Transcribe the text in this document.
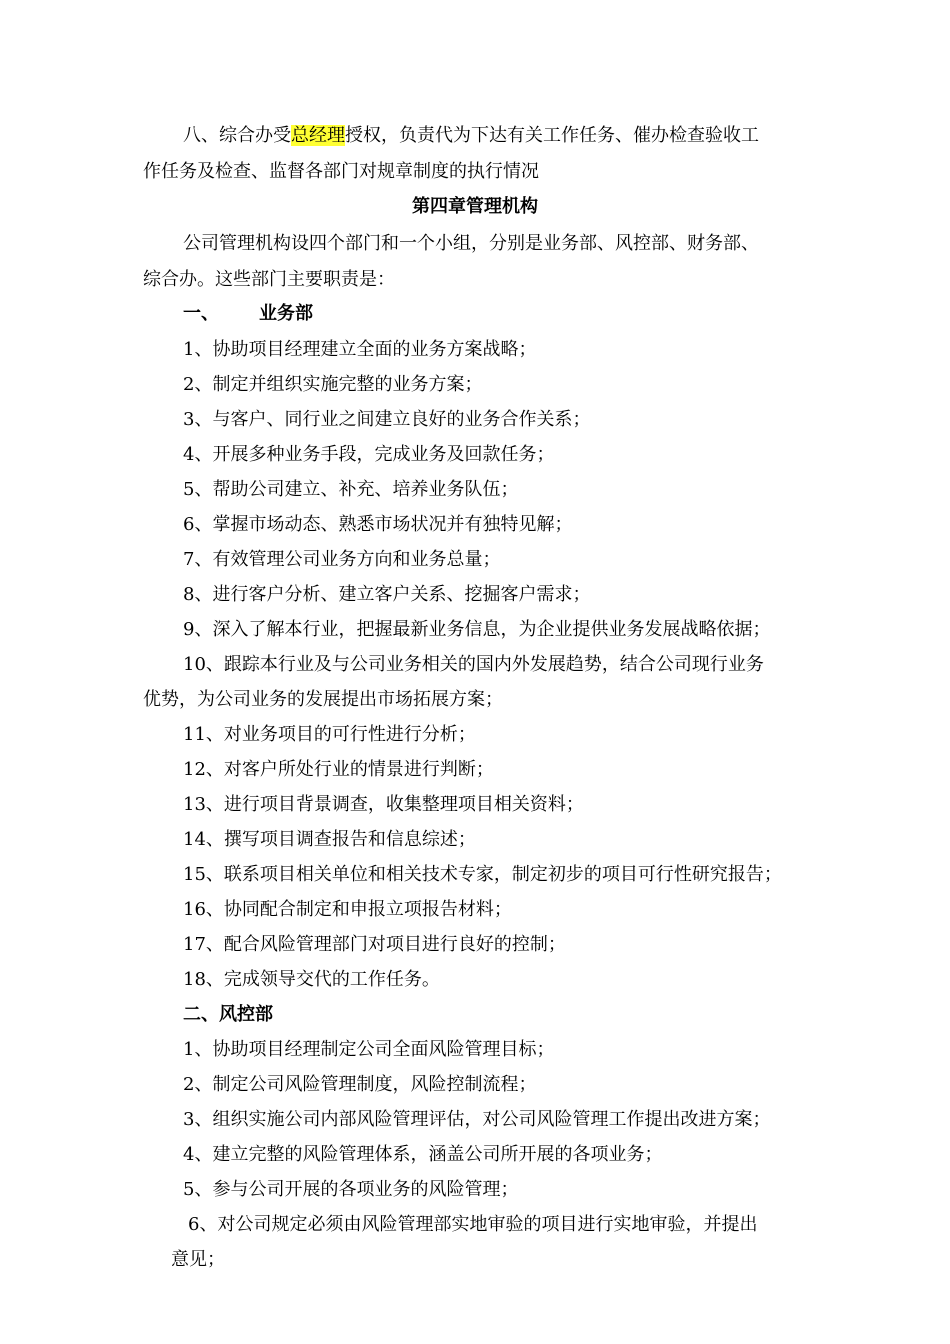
八、综合办受总经理授权，负责代为下达有关工作任务、催办检查验收工
作任务及检查、监督各部门对规章制度的执行情况
第四章管理机构
公司管理机构设四个部门和一个小组，分别是业务部、风控部、财务部、
综合办。这些部门主要职责是：
一、 业务部
1、协助项目经理建立全面的业务方案战略；
2、制定并组织实施完整的业务方案；
3、与客户、同行业之间建立良好的业务合作关系；
4、开展多种业务手段，完成业务及回款任务；
5、帮助公司建立、补充、培养业务队伍；
6、掌握市场动态、熟悉市场状况并有独特见解；
7、有效管理公司业务方向和业务总量；
8、进行客户分析、建立客户关系、挖掘客户需求；
9、深入了解本行业，把握最新业务信息，为企业提供业务发展战略依据；
10、跟踪本行业及与公司业务相关的国内外发展趋势，结合公司现行业务
优势，为公司业务的发展提出市场拓展方案；
11、对业务项目的可行性进行分析；
12、对客户所处行业的情景进行判断；
13、进行项目背景调查，收集整理项目相关资料；
14、撰写项目调查报告和信息综述；
15、联系项目相关单位和相关技术专家，制定初步的项目可行性研究报告；
16、协同配合制定和申报立项报告材料；
17、配合风险管理部门对项目进行良好的控制；
18、完成领导交代的工作任务。
二、风控部
1、协助项目经理制定公司全面风险管理目标；
2、制定公司风险管理制度，风险控制流程；
3、组织实施公司内部风险管理评估，对公司风险管理工作提出改进方案；
4、建立完整的风险管理体系，涵盖公司所开展的各项业务；
5、参与公司开展的各项业务的风险管理；
6、对公司规定必须由风险管理部实地审验的项目进行实地审验，并提出
意见；
